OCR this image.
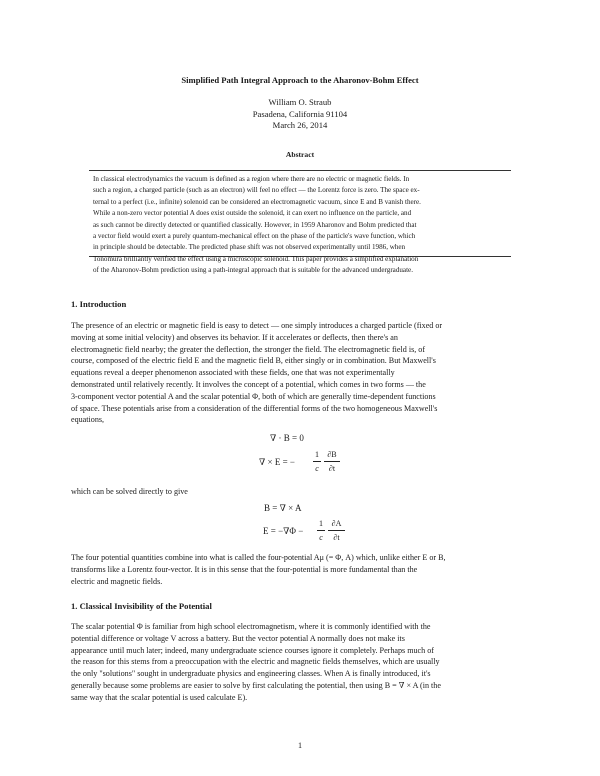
Simplified Path Integral Approach to the Aharonov-Bohm Effect
William O. Straub
Pasadena, California 91104
March 26, 2014
Abstract
In classical electrodynamics the vacuum is defined as a region where there are no electric or magnetic fields. In
such a region, a charged particle (such as an electron) will feel no effect — the Lorentz force is zero. The space ex-
ternal to a perfect (i.e., infinite) solenoid can be considered an electromagnetic vacuum, since E and B vanish there.
While a non-zero vector potential A does exist outside the solenoid, it can exert no influence on the particle, and
as such cannot be directly detected or quantified classically. However, in 1959 Aharonov and Bohm predicted that
a vector field would exert a purely quantum-mechanical effect on the phase of the particle's wave function, which
in principle should be detectable. The predicted phase shift was not observed experimentally until 1986, when
Tonomura brilliantly verified the effect using a microscopic solenoid. This paper provides a simplified explanation
of the Aharonov-Bohm prediction using a path-integral approach that is suitable for the advanced undergraduate.
1. Introduction
The presence of an electric or magnetic field is easy to detect — one simply introduces a charged particle (fixed or
moving at some initial velocity) and observes its behavior. If it accelerates or deflects, then there's an
electromagnetic field nearby; the greater the deflection, the stronger the field. The electromagnetic field is, of
course, composed of the electric field E and the magnetic field B, either singly or in combination. But Maxwell's
equations reveal a deeper phenomenon associated with these fields, one that was not experimentally
demonstrated until relatively recently. It involves the concept of a potential, which comes in two forms — the
3-component vector potential A and the scalar potential Φ, both of which are generally time-dependent functions
of space. These potentials arise from a consideration of the differential forms of the two homogeneous Maxwell's
equations,
∇ · B = 0
∇ × E = −
1
c
∂B
∂t
which can be solved directly to give
B = ∇ × A
E = −∇Φ −
1
c
∂A
∂t
The four potential quantities combine into what is called the four-potential Aμ (= Φ, A) which, unlike either E or B,
transforms like a Lorentz four-vector. It is in this sense that the four-potential is more fundamental than the
electric and magnetic fields.
1. Classical Invisibility of the Potential
The scalar potential Φ is familiar from high school electromagnetism, where it is commonly identified with the
potential difference or voltage V across a battery. But the vector potential A normally does not make its
appearance until much later; indeed, many undergraduate science courses ignore it completely. Perhaps much of
the reason for this stems from a preoccupation with the electric and magnetic fields themselves, which are usually
the only "solutions" sought in undergraduate physics and engineering classes. When A is finally introduced, it's
generally because some problems are easier to solve by first calculating the potential, then using B = ∇ × A (in the
same way that the scalar potential is used calculate E).
1
